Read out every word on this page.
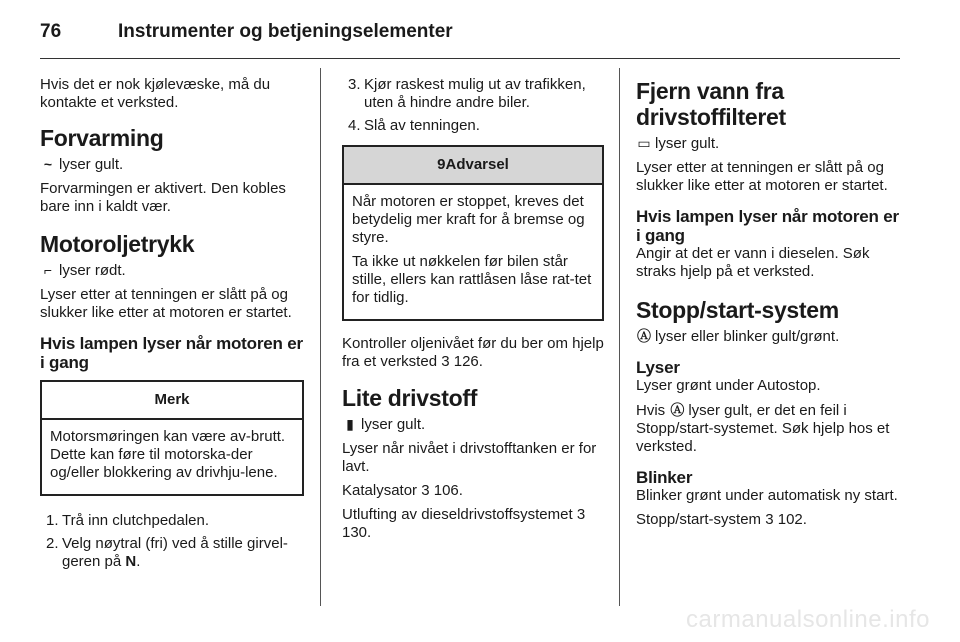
76	Instrumenter og betjeningselementer

Hvis det er nok kjølevæske, må du kontakte et verksted.

Forvarming

~ lyser gult.

Forvarmingen er aktivert. Den kobles bare inn i kaldt vær.

Motoroljetrykk

⌐ lyser rødt.

Lyser etter at tenningen er slått på og slukker like etter at motoren er startet.

Hvis lampen lyser når motoren er i gang
Merk

Motorsmøringen kan være av-brutt. Dette kan føre til motorska-der og/eller blokkering av drivhju-lene.

1. Trå inn clutchpedalen.

2. Velg nøytral (fri) ved å stille girvel-geren på N.

3. Kjør raskest mulig ut av trafikken, uten å hindre andre biler.

4. Slå av tenningen.

9 Advarsel

Når motoren er stoppet, kreves det betydelig mer kraft for å bremse og styre.

Ta ikke ut nøkkelen før bilen står stille, ellers kan rattlåsen låse rat-tet for tidlig.

Kontroller oljenivået før du ber om hjelp fra et verksted 3 126.

Lite drivstoff

▮ lyser gult.

Lyser når nivået i drivstofftanken er for lavt.

Katalysator 3 106.

Utlufting av dieseldrivstoffsystemet 3 130.

Fjern vann fra drivstoffilteret

▭ lyser gult.

Lyser etter at tenningen er slått på og slukker like etter at motoren er startet.

Hvis lampen lyser når motoren er i gang

Angir at det er vann i dieselen. Søk straks hjelp på et verksted.

Stopp/start-system

Ⓐ lyser eller blinker gult/grønt.

Lyser

Lyser grønt under Autostop.

Hvis Ⓐ lyser gult, er det en feil i Stopp/start-systemet. Søk hjelp hos et verksted.

Blinker

Blinker grønt under automatisk ny start.

Stopp/start-system 3 102.

carmanualsonline.info
